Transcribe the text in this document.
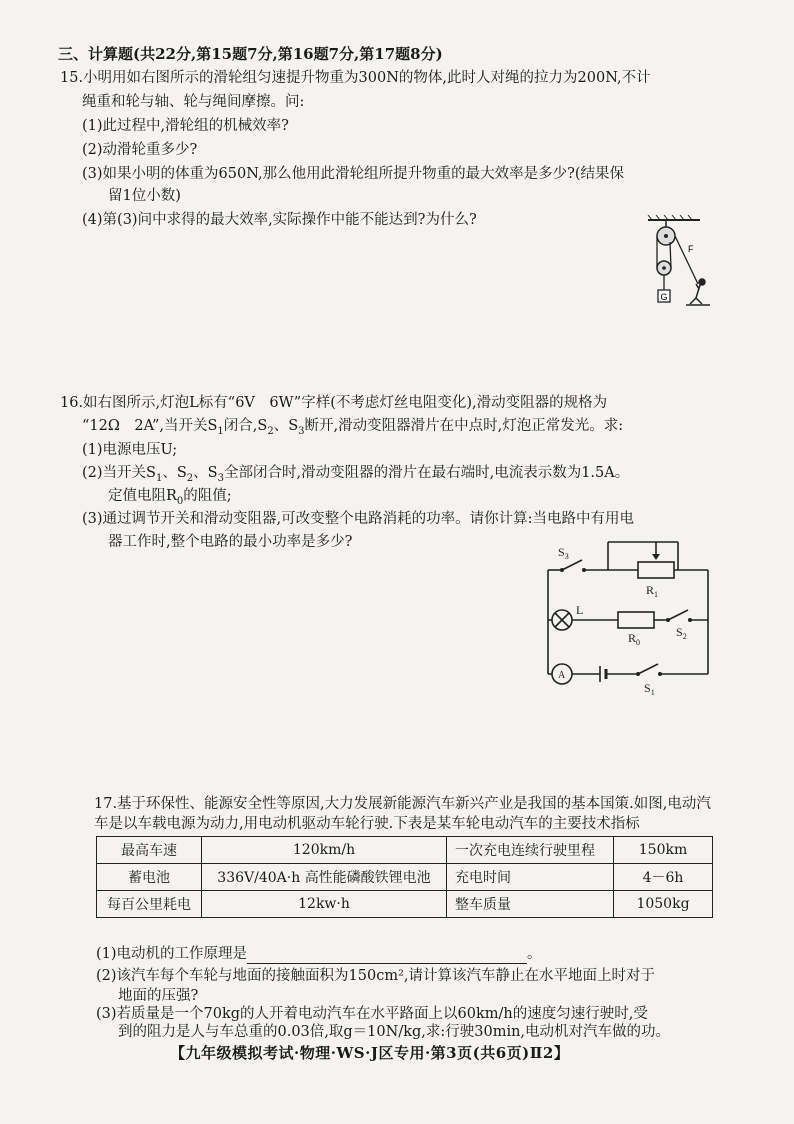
三、计算题(共22分,第15题7分,第16题7分,第17题8分)
15.小明用如右图所示的滑轮组匀速提升物重为300N的物体,此时人对绳的拉力为200N,不计
绳重和轮与轴、轮与绳间摩擦。问:
(1)此过程中,滑轮组的机械效率?
(2)动滑轮重多少?
(3)如果小明的体重为650N,那么他用此滑轮组所提升物重的最大效率是多少?(结果保
留1位小数)
(4)第(3)问中求得的最大效率,实际操作中能不能达到?为什么?
G
F
16.如右图所示,灯泡L标有“6V　6W”字样(不考虑灯丝电阻变化),滑动变阻器的规格为
“12Ω　2A”,当开关$S_1$闭合$,S_2$、$S_3$断开,滑动变阻器滑片在中点时,灯泡正常发光。求:
(1)电源电压U;
(2)当开关$S_1$、$S_2$、$S_3$全部闭合时,滑动变阻器的滑片在最右端时,电流表示数为1.5A。
定值电阻$R_0$的阻值;
(3)通过调节开关和滑动变阻器,可改变整个电路消耗的功率。请你计算:当电路中有用电
器工作时,整个电路的最小功率是多少?
$S_3$
$R_1$
L
$R_0$
$S_2$
A
$S_1$
17.基于环保性、能源安全性等原因,大力发展新能源汽车新兴产业是我国的基本国策.如图,电动汽
车是以车载电源为动力,用电动机驱动车轮行驶.下表是某车轮电动汽车的主要技术指标
最高车速	120km/h	一次充电连续行驶里程	150km
蓄电池	336V/40A·h 高性能磷酸铁锂电池	充电时间	4－6h
每百公里耗电	12kw·h	整车质量	1050kg
(1)电动机的工作原理是	。
(2)该汽车每个车轮与地面的接触面积为150cm²,请计算该汽车静止在水平地面上时对于
地面的压强?
(3)若质量是一个70kg的人开着电动汽车在水平路面上以60km/h的速度匀速行驶时,受
到的阻力是人与车总重的0.03倍,取g＝10N/kg,求:行驶30min,电动机对汽车做的功。
【九年级模拟考试·物理·WS·J区专用·第3页(共6页)Ⅱ2】
